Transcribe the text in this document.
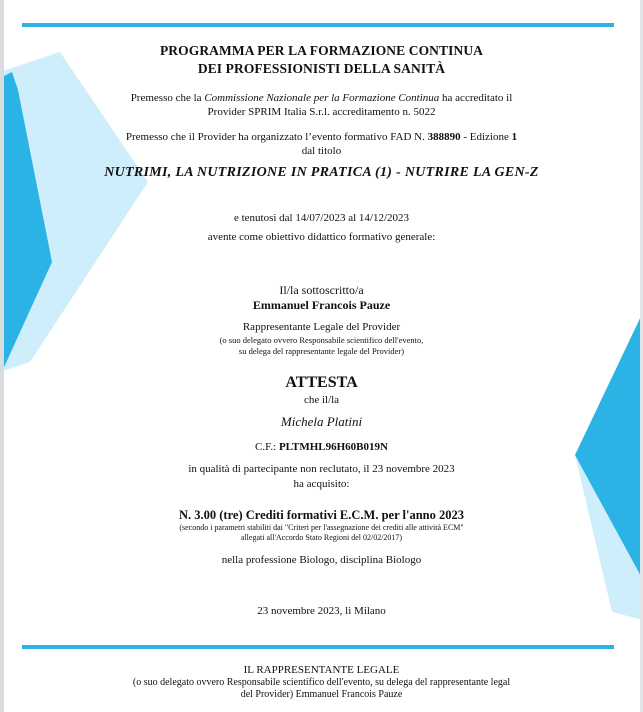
PROGRAMMA PER LA FORMAZIONE CONTINUA
DEI PROFESSIONISTI DELLA SANITÀ
Premesso che la Commissione Nazionale per la Formazione Continua ha accreditato il
Provider SPRIM Italia S.r.l. accreditamento n. 5022
Premesso che il Provider ha organizzato l’evento formativo FAD N. 388890 - Edizione 1
dal titolo
NUTRIMI, LA NUTRIZIONE IN PRATICA (1) - NUTRIRE LA GEN-Z
e tenutosi dal 14/07/2023 al 14/12/2023
avente come obiettivo didattico formativo generale:
Il/la sottoscritto/a
Emmanuel Francois Pauze
Rappresentante Legale del Provider
(o suo delegato ovvero Responsabile scientifico dell'evento,
su delega del rappresentante legale del Provider)
ATTESTA
che il/la
Michela Platini
C.F.: PLTMHL96H60B019N
in qualità di partecipante non reclutato, il 23 novembre 2023
ha acquisito:
N. 3.00 (tre) Crediti formativi E.C.M. per l'anno 2023
(secondo i parametri stabiliti dai "Criteri per l'assegnazione dei crediti alle attività ECM"
allegati all'Accordo Stato Regioni del 02/02/2017)
nella professione Biologo, disciplina Biologo
23 novembre 2023, lì Milano
IL RAPPRESENTANTE LEGALE
(o suo delegato ovvero Responsabile scientifico dell'evento, su delega del rappresentante legal
del Provider) Emmanuel Francois Pauze
